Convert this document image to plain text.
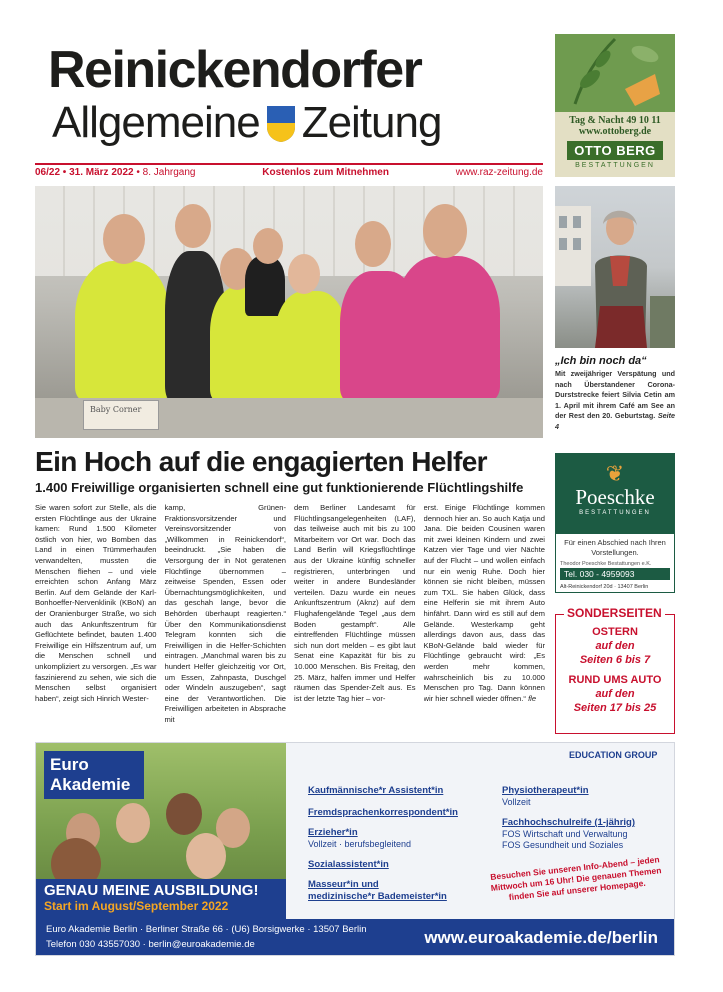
Reinickendorfer
Allgemeine Zeitung
06/22 • 31. März 2022 • 8. Jahrgang	Kostenlos zum Mitnehmen	www.raz-zeitung.de
Tag & Nacht 49 10 11
www.ottoberg.de
OTTO BERG
BESTATTUNGEN
Baby Corner
„Ich bin noch da“
Mit zweijähriger Verspätung und nach Überstandener Corona-Durststrecke feiert Silvia Cetin am 1. April mit ihrem Café am See an der Rest den 20. Geburtstag. Seite 4
Ein Hoch auf die engagierten Helfer
1.400 Freiwillige organisierten schnell eine gut funktionierende Flüchtlingshilfe
Sie waren sofort zur Stelle, als die ersten Flüchtlinge aus der Ukraine kamen: Rund 1.500 Kilometer östlich von hier, wo Bomben das Land in einen Trümmerhaufen verwandelten, mussten die Menschen fliehen – und viele erreichten schon Anfang März Berlin. Auf dem Gelände der Karl-Bonhoeffer-Nervenklinik (KBoN) an der Oranienburger Straße, wo sich auch das Ankunftszentrum für Geflüchtete befindet, bauten 1.400 Freiwillige ein Hilfszentrum auf, um die Menschen schnell und unkompliziert zu versorgen. „Es war faszinierend zu sehen, wie sich die Menschen selbst organisiert haben“, zeigt sich Hinrich Wester-
kamp, Grünen-Fraktionsvorsitzender und Vereinsvorsitzender von „Willkommen in Reinickendorf“, beeindruckt. „Sie haben die Versorgung der in Not geratenen Flüchtlinge übernommen – zeitweise Spenden, Essen oder Übernachtungsmöglichkeiten, und das geschah lange, bevor die Behörden überhaupt reagierten.“ Über den Kommunikationsdienst Telegram konnten sich die Freiwilligen in die Helfer-Schichten eintragen. „Manchmal waren bis zu hundert Helfer gleichzeitig vor Ort, um Essen, Zahnpasta, Duschgel oder Windeln auszugeben“, sagt eine der Verantwortlichen. Die Freiwilligen arbeiteten in Absprache mit
dem Berliner Landesamt für Flüchtlingsangelegenheiten (LAF), das teilweise auch mit bis zu 100 Mitarbeitern vor Ort war. Doch das Land Berlin will Kriegsflüchtlinge aus der Ukraine künftig schneller registrieren, unterbringen und weiter in andere Bundesländer verteilen. Dazu wurde ein neues Ankunftszentrum (Aknz) auf dem Flughafengelände Tegel „aus dem Boden gestampft“. Alle eintreffenden Flüchtlinge müssen sich nun dort melden – es gibt laut Senat eine Kapazität für bis zu 10.000 Menschen. Bis Freitag, den 25. März, halfen immer und Helfer räumen das Spender-Zelt aus. Es ist der letzte Tag hier – vor-
erst. Einige Flüchtlinge kommen dennoch hier an. So auch Katja und Jana. Die beiden Cousinen waren mit zwei kleinen Kindern und zwei Katzen vier Tage und vier Nächte auf der Flucht – und wollen einfach nur ein wenig Ruhe. Doch hier können sie nicht bleiben, müssen zum TXL. Sie haben Glück, dass eine Helferin sie mit ihrem Auto hinfährt. Dann wird es still auf dem Gelände. Westerkamp geht allerdings davon aus, dass das KBoN-Gelände bald wieder für Flüchtlinge gebraucht wird: „Es werden mehr kommen, wahrscheinlich bis zu 10.000 Menschen pro Tag. Dann können wir hier schnell wieder öffnen.“ fle
❦
Poeschke
BESTATTUNGEN
Für einen Abschied nach Ihren Vorstellungen.
Theodor Poeschke Bestattungen e.K.
Tel. 030 - 4959093
Alt-Reinickendorf 20d · 13407 Berlin
SONDERSEITEN
OSTERN
auf den
Seiten 6 bis 7
RUND UMS AUTO
auf den
Seiten 17 bis 25
Euro
Akademie
GENAU MEINE AUSBILDUNG!
Start im August/September 2022
EDUCATION GROUP
Kaufmännische*r Assistent*in
Fremdsprachenkorrespondent*in
Erzieher*in
Vollzeit · berufsbegleitend
Sozialassistent*in
Masseur*in und
medizinische*r Bademeister*in
Physiotherapeut*in
Vollzeit
Fachhochschulreife (1-jährig)
FOS Wirtschaft und Verwaltung
FOS Gesundheit und Soziales
Besuchen Sie unseren Info-Abend – jeden Mittwoch um 16 Uhr! Die genauen Themen finden Sie auf unserer Homepage.
Euro Akademie Berlin · Berliner Straße 66 · (U6) Borsigwerke · 13507 Berlin
Telefon 030 43557030 · berlin@euroakademie.de	www.euroakademie.de/berlin
